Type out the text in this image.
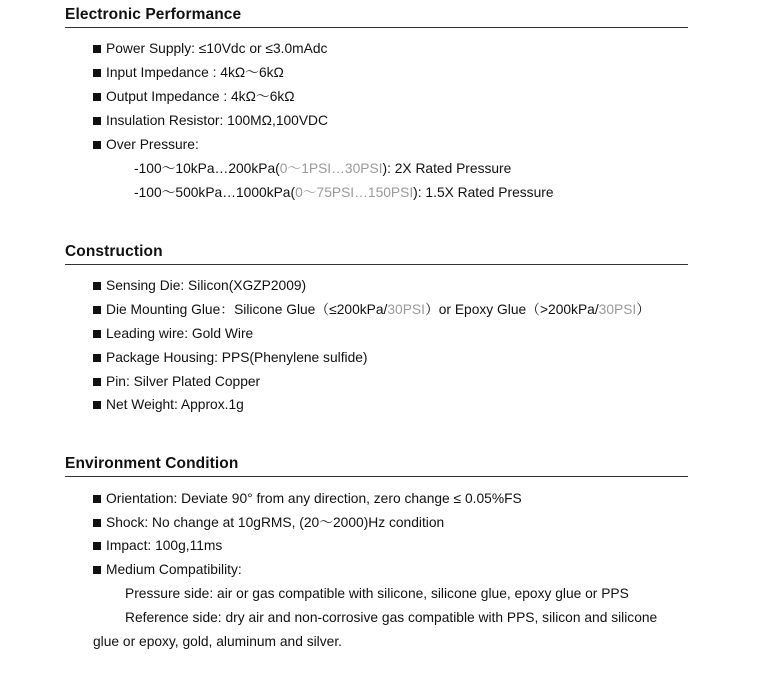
Electronic Performance
Power Supply: ≤10Vdc or ≤3.0mAdc
Input Impedance : 4kΩ～6kΩ
Output Impedance : 4kΩ～6kΩ
Insulation Resistor: 100MΩ,100VDC
Over Pressure:
-100～10kPa…200kPa(0～1PSI…30PSI): 2X Rated Pressure
-100～500kPa…1000kPa(0～75PSI…150PSI): 1.5X Rated Pressure
Construction
Sensing Die: Silicon(XGZP2009)
Die Mounting Glue：Silicone Glue（≤200kPa/30PSI）or Epoxy Glue（>200kPa/30PSI）
Leading wire: Gold Wire
Package Housing: PPS(Phenylene sulfide)
Pin: Silver Plated Copper
Net Weight: Approx.1g
Environment Condition
Orientation: Deviate 90° from any direction, zero change ≤ 0.05%FS
Shock: No change at 10gRMS, (20～2000)Hz condition
Impact: 100g,11ms
Medium Compatibility:
Pressure side: air or gas compatible with silicone, silicone glue, epoxy glue or PPS
Reference side: dry air and non-corrosive gas compatible with PPS, silicon and silicone
glue or epoxy, gold, aluminum and silver.
